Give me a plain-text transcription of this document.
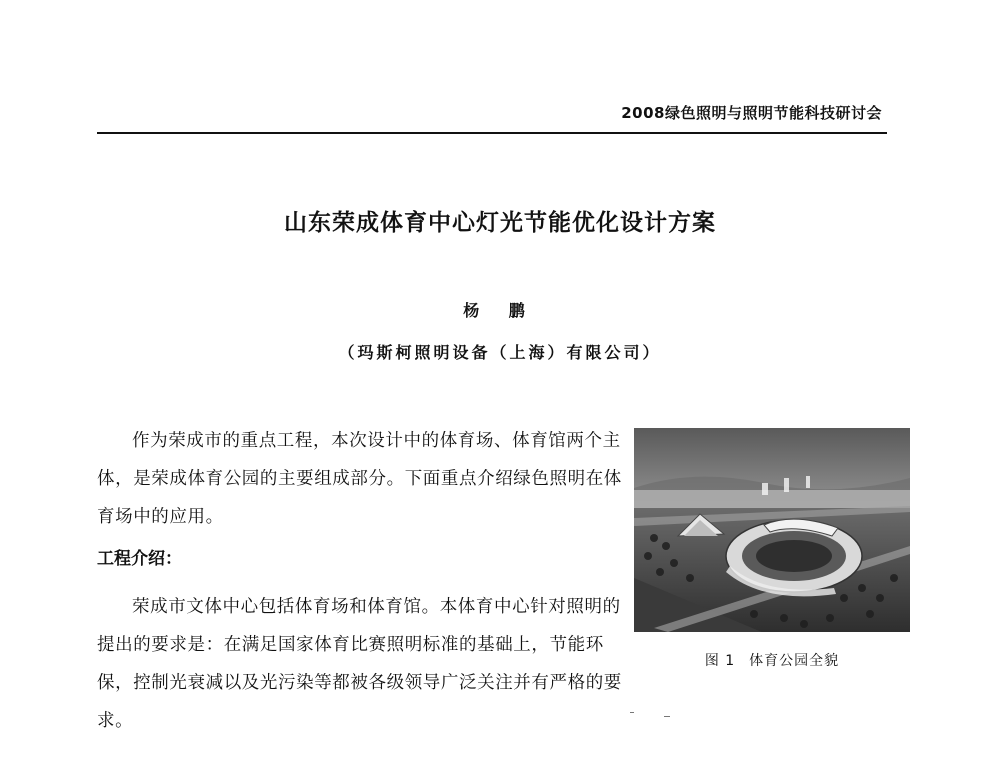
2008绿色照明与照明节能科技研讨会
山东荣成体育中心灯光节能优化设计方案
杨 鹏
（玛斯柯照明设备（上海）有限公司）

作为荣成市的重点工程，本次设计中的体育场、体育馆两个主体，是荣成体育公园的主要组成部分。下面重点介绍绿色照明在体育场中的应用。

工程介绍：

荣成市文体中心包括体育场和体育馆。本体育中心针对照明的提出的要求是：在满足国家体育比赛照明标准的基础上，节能环保，控制光衰减以及光污染等都被各级领导广泛关注并有严格的要求。

图 1 体育公园全貌
